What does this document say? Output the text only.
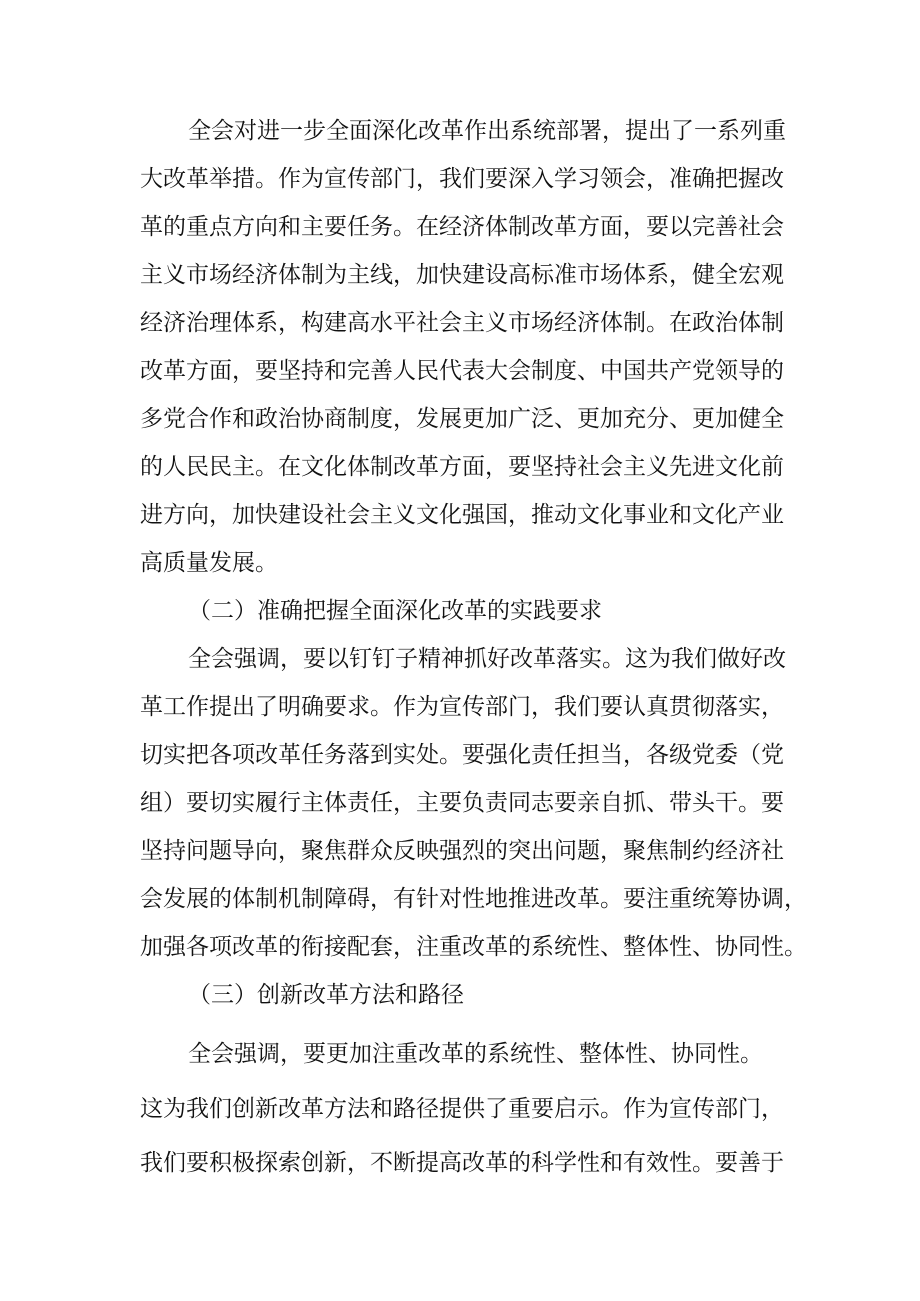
全会对进一步全面深化改革作出系统部署，提出了一系列重
大改革举措。作为宣传部门，我们要深入学习领会，准确把握改
革的重点方向和主要任务。在经济体制改革方面，要以完善社会
主义市场经济体制为主线，加快建设高标准市场体系，健全宏观
经济治理体系，构建高水平社会主义市场经济体制。在政治体制
改革方面，要坚持和完善人民代表大会制度、中国共产党领导的
多党合作和政治协商制度，发展更加广泛、更加充分、更加健全
的人民民主。在文化体制改革方面，要坚持社会主义先进文化前
进方向，加快建设社会主义文化强国，推动文化事业和文化产业
高质量发展。
（二）准确把握全面深化改革的实践要求
全会强调，要以钉钉子精神抓好改革落实。这为我们做好改
革工作提出了明确要求。作为宣传部门，我们要认真贯彻落实，
切实把各项改革任务落到实处。要强化责任担当，各级党委（党
组）要切实履行主体责任，主要负责同志要亲自抓、带头干。要
坚持问题导向，聚焦群众反映强烈的突出问题，聚焦制约经济社
会发展的体制机制障碍，有针对性地推进改革。要注重统筹协调，
加强各项改革的衔接配套，注重改革的系统性、整体性、协同性。
（三）创新改革方法和路径
全会强调，要更加注重改革的系统性、整体性、协同性。
这为我们创新改革方法和路径提供了重要启示。作为宣传部门，
我们要积极探索创新，不断提高改革的科学性和有效性。要善于
